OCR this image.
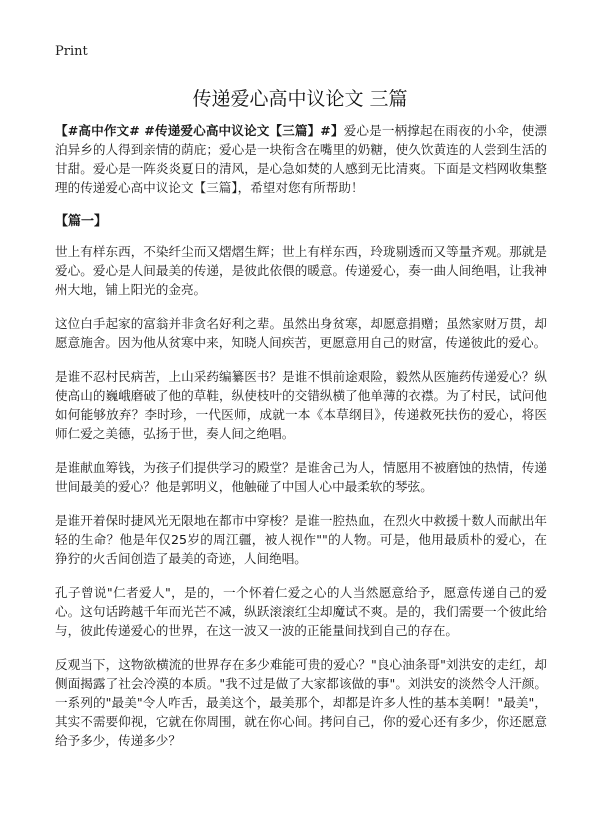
Print
传递爱心高中议论文 三篇

【#高中作文# #传递爱心高中议论文【三篇】#】爱心是一柄撑起在雨夜的小伞，使漂泊异乡的人得到亲情的荫庇；爱心是一块衔含在嘴里的奶糖，使久饮黄连的人尝到生活的甘甜。爱心是一阵炎炎夏日的清风，是心急如焚的人感到无比清爽。下面是文档网收集整理的传递爱心高中议论文【三篇】，希望对您有所帮助！

【篇一】

世上有样东西，不染纤尘而又熠熠生辉；世上有样东西，玲珑剔透而又等量齐观。那就是爱心。爱心是人间最美的传递，是彼此依偎的暖意。传递爱心，奏一曲人间绝唱，让我神州大地，铺上阳光的金亮。

这位白手起家的富翁并非贪名好利之辈。虽然出身贫寒，却愿意捐赠；虽然家财万贯，却愿意施舍。因为他从贫寒中来，知晓人间疾苦，更愿意用自己的财富，传递彼此的爱心。

是谁不忍村民病苦，上山采药编纂医书？是谁不惧前途艰险，毅然从医施药传递爱心？纵使高山的巍峨磨破了他的草鞋，纵使枝叶的交错纵横了他单薄的衣襟。为了村民，试问他如何能够放弃？李时珍，一代医师，成就一本《本草纲目》，传递救死扶伤的爱心，将医师仁爱之美德，弘扬于世，奏人间之绝唱。

是谁献血筹钱，为孩子们提供学习的殿堂？是谁舍己为人，情愿用不被磨蚀的热情，传递世间最美的爱心？他是郭明义，他触碰了中国人心中最柔软的琴弦。

是谁开着保时捷风光无限地在都市中穿梭？是谁一腔热血，在烈火中救援十数人而献出年轻的生命？他是年仅25岁的周江疆，被人视作""的人物。可是，他用最质朴的爱心，在狰狞的火舌间创造了最美的奇迹，人间绝唱。

孔子曾说"仁者爱人"，是的，一个怀着仁爱之心的人当然愿意给予，愿意传递自己的爱心。这句话跨越千年而光芒不减，纵跃滚滚红尘却魔试不爽。是的，我们需要一个彼此给与，彼此传递爱心的世界，在这一波又一波的正能量间找到自己的存在。

反观当下，这物欲横流的世界存在多少难能可贵的爱心？"良心油条哥"刘洪安的走红，却侧面揭露了社会冷漠的本质。"我不过是做了大家都该做的事"。刘洪安的淡然令人汗颜。一系列的"最美"令人咋舌，最美这个，最美那个，却都是许多人性的基本美啊！"最美"，其实不需要仰视，它就在你周围，就在你心间。拷问自己，你的爱心还有多少，你还愿意给予多少，传递多少？
